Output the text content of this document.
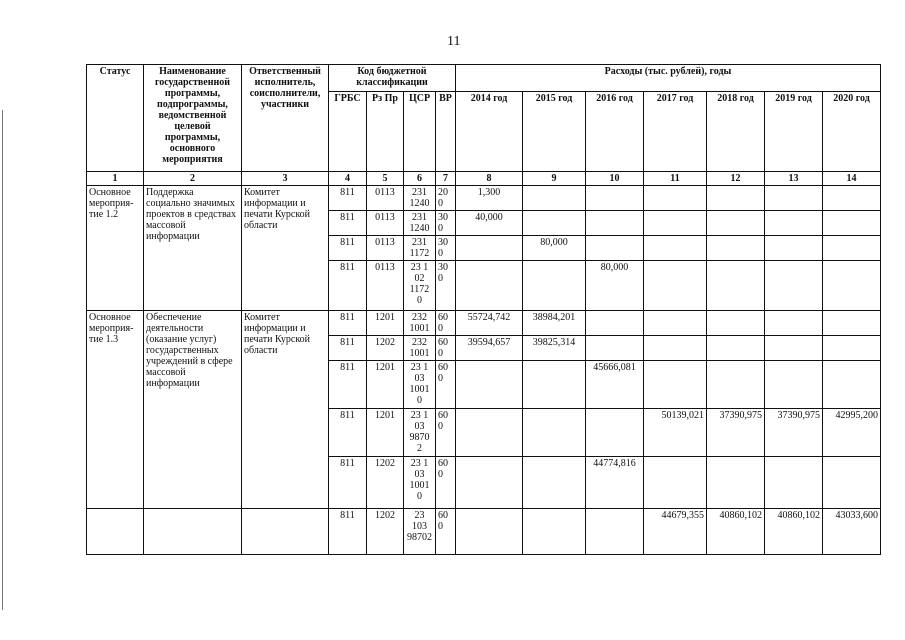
11
Статус	Наименование государственной программы, подпрограммы, ведомственной целевой программы, основного мероприятия	Ответственный исполнитель, соисполнители, участники	Код бюджетной классификации				Расходы (тыс. рублей), годы						
			ГРБС	Рз Пр	ЦСР	ВР	2014 год	2015 год	2016 год	2017 год	2018 год	2019 год	2020 год
1	2	3	4	5	6	7	8	9	10	11	12	13	14
Основное мероприя-тие 1.2	Поддержка социально значимых проектов в средствах массовой информации	Комитет информации и печати Курской области	811	0113	231 1240	20 0	1,300						
			811	0113	231 1240	30 0	40,000						
			811	0113	231 1172	30 0		80,000					
			811	0113	23 1 02 1172 0	30 0			80,000				
Основное мероприя-тие 1.3	Обеспечение деятельности (оказание услуг) государственных учреждений в сфере массовой информации	Комитет информации и печати Курской области	811	1201	232 1001	60 0	55724,742	38984,201					
			811	1202	232 1001	60 0	39594,657	39825,314					
			811	1201	23 1 03 1001 0	60 0			45666,081				
			811	1201	23 1 03 9870 2	60 0				50139,021	37390,975	37390,975	42995,200
			811	1202	23 1 03 1001 0	60 0			44774,816				
			811	1202	23 103 98702	60 0				44679,355	40860,102	40860,102	43033,600
